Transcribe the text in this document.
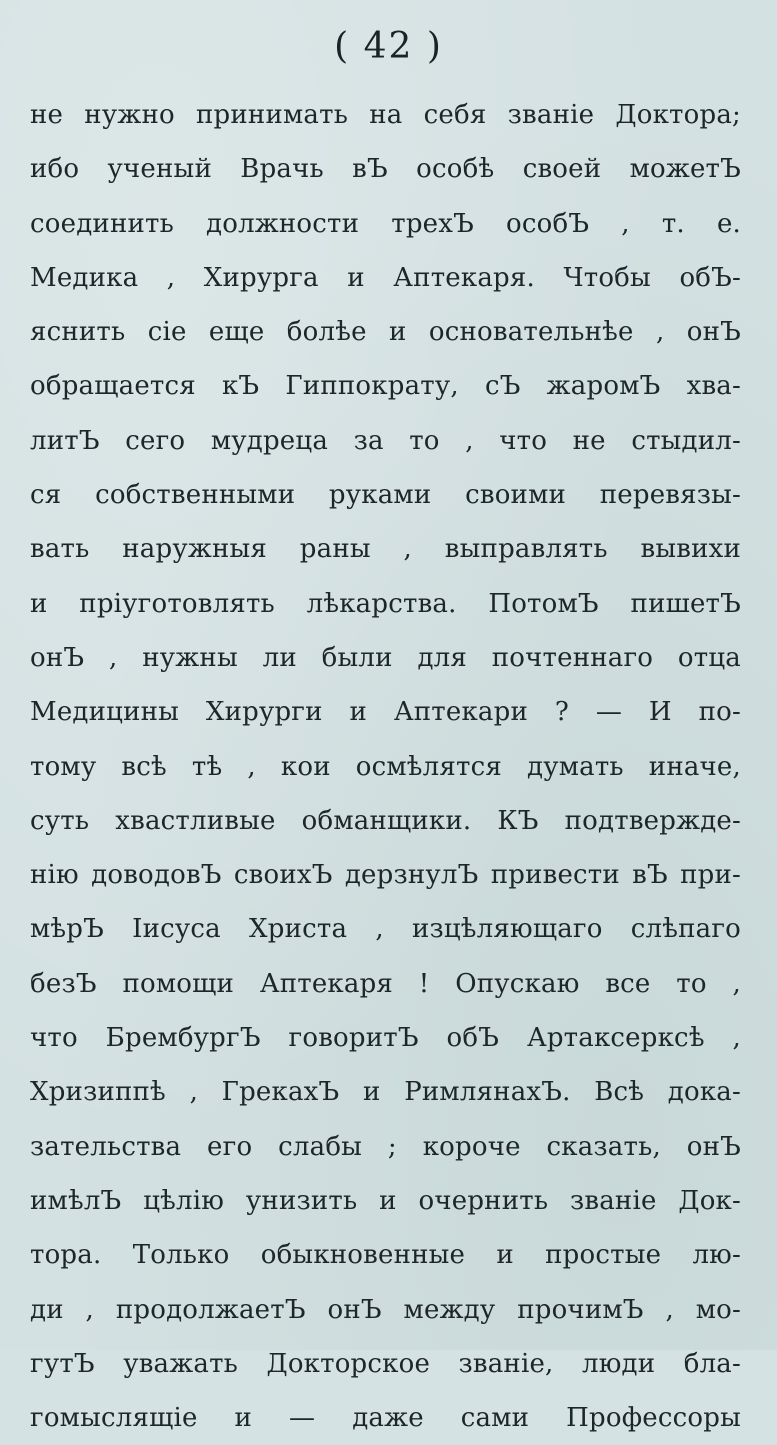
( 42 )
не нужно принимать на себя званіе Доктора;
ибо ученый Врачь вЪ особѣ своей можетЪ
соединить должности трехЪ особЪ , т. е.
Медика , Хирурга и Аптекаря. Чтобы обЪ-
яснить сіе еще болѣе и основательнѣе , онЪ
обращается кЪ Гиппократу, сЪ жаромЪ хва-
литЪ сего мудреца за то , что не стыдил-
ся собственными руками своими перевязы-
вать наружныя раны , выправлять вывихи
и пріуготовлять лѣкарства. ПотомЪ пишетЪ
онЪ , нужны ли были для почтеннаго отца
Медицины Хирурги и Аптекари ? — И по-
тому всѣ тѣ , кои осмѣлятся думать иначе,
суть хвастливые обманщики. КЪ подтвержде-
нію доводовЪ своихЪ дерзнулЪ привести вЪ при-
мѣрЪ Іисуса Христа , изцѣляющаго слѣпаго
безЪ помощи Аптекаря ! Опускаю все то ,
что БрембургЪ говоритЪ обЪ Артаксерксѣ ,
Хризиппѣ , ГрекахЪ и РимлянахЪ. Всѣ дока-
зательства его слабы ; короче сказать, онЪ
имѣлЪ цѣлію унизить и очернить званіе Док-
тора. Только обыкновенные и простые лю-
ди , продолжаетЪ онЪ между прочимЪ , мо-
гутЪ уважать Докторское званіе, люди бла-
гомыслящіе и — даже сами Профессоры
